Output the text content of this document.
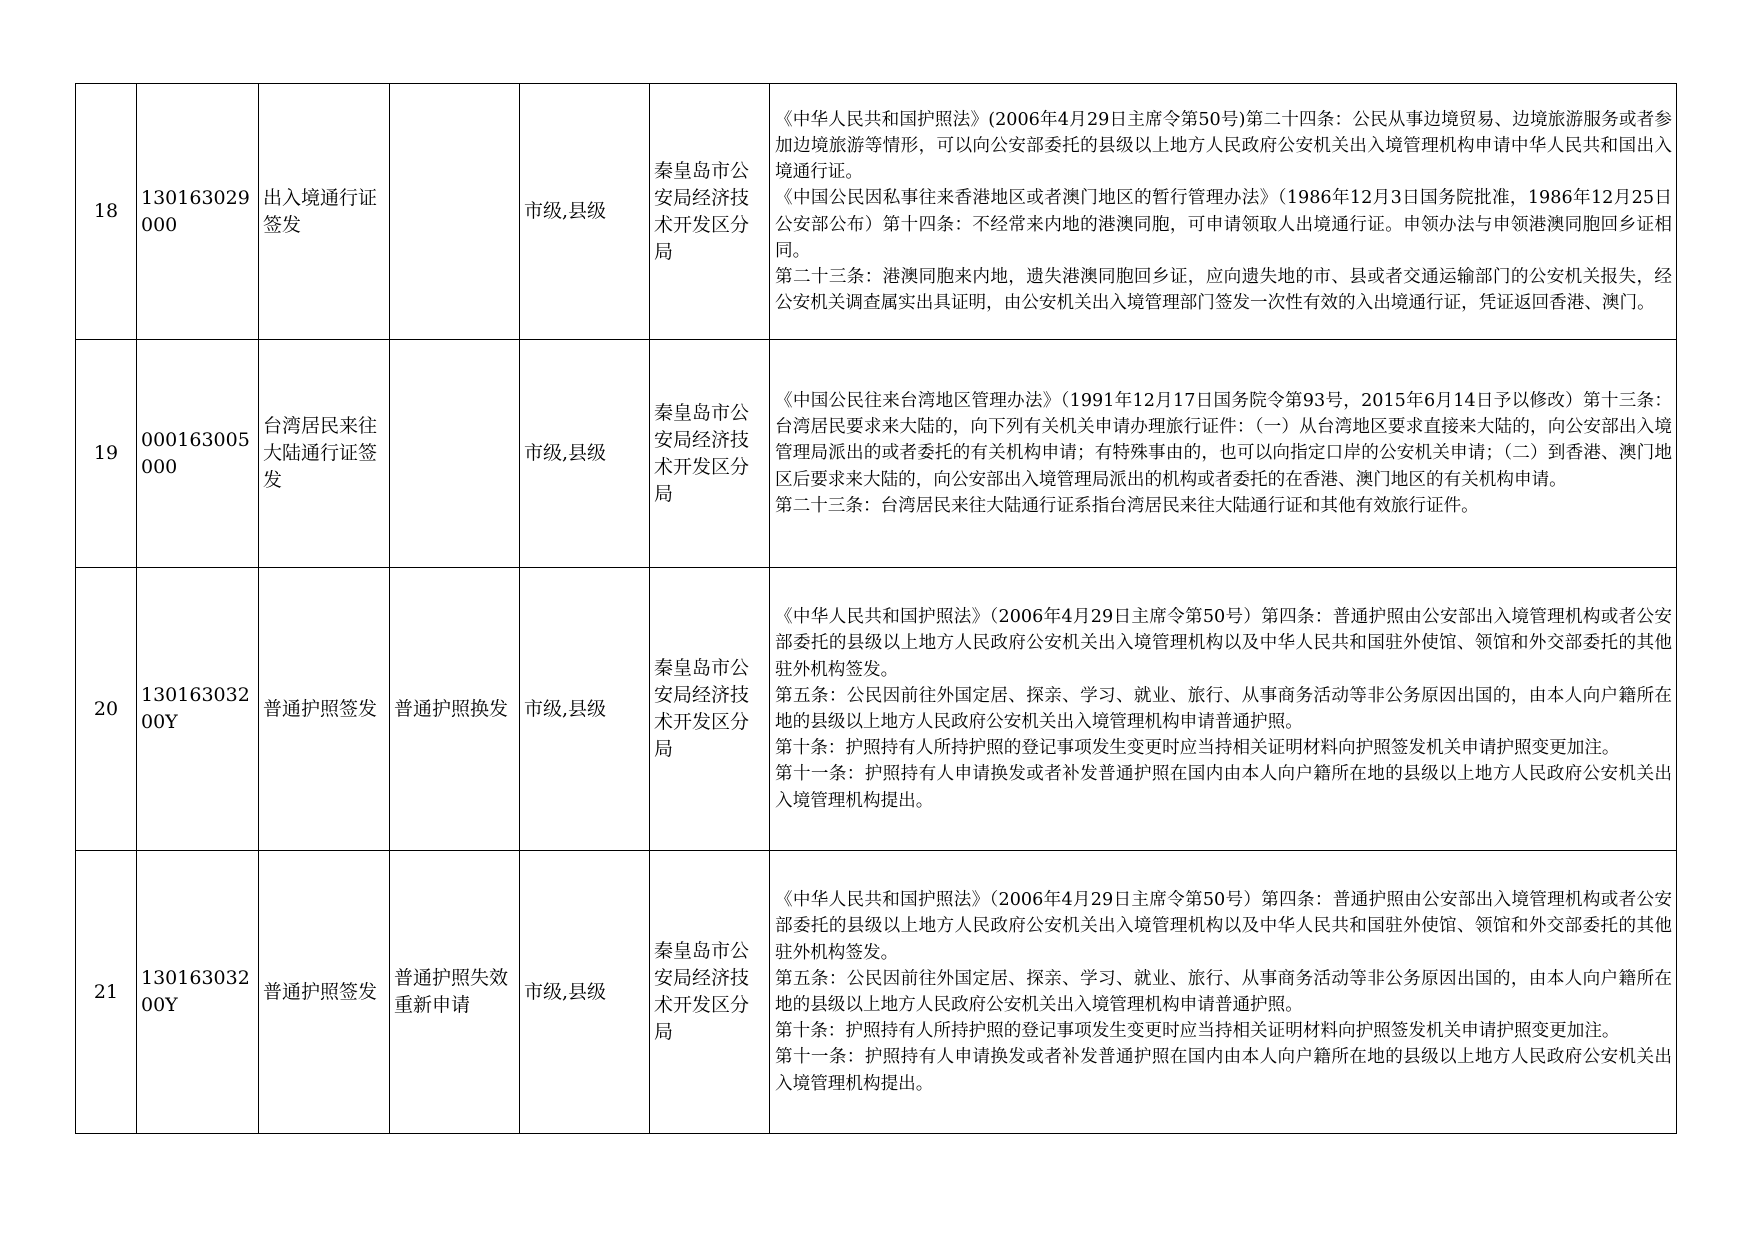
18	130163029000	出入境通行证签发		市级,县级	秦皇岛市公安局经济技术开发区分局	《中华人民共和国护照法》(2006年4月29日主席令第50号)第二十四条：公民从事边境贸易、边境旅游服务或者参加边境旅游等情形，可以向公安部委托的县级以上地方人民政府公安机关出入境管理机构申请中华人民共和国出入境通行证。
《中国公民因私事往来香港地区或者澳门地区的暂行管理办法》（1986年12月3日国务院批准，1986年12月25日公安部公布）第十四条：不经常来内地的港澳同胞，可申请领取人出境通行证。申领办法与申领港澳同胞回乡证相同。
第二十三条：港澳同胞来内地，遗失港澳同胞回乡证，应向遗失地的市、县或者交通运输部门的公安机关报失，经公安机关调查属实出具证明，由公安机关出入境管理部门签发一次性有效的入出境通行证，凭证返回香港、澳门。

19	000163005000	台湾居民来往大陆通行证签发		市级,县级	秦皇岛市公安局经济技术开发区分局	《中国公民往来台湾地区管理办法》（1991年12月17日国务院令第93号，2015年6月14日予以修改）第十三条：台湾居民要求来大陆的，向下列有关机关申请办理旅行证件：（一）从台湾地区要求直接来大陆的，向公安部出入境管理局派出的或者委托的有关机构申请；有特殊事由的，也可以向指定口岸的公安机关申请；（二）到香港、澳门地区后要求来大陆的，向公安部出入境管理局派出的机构或者委托的在香港、澳门地区的有关机构申请。
第二十三条：台湾居民来往大陆通行证系指台湾居民来往大陆通行证和其他有效旅行证件。

20	13016303200Y	普通护照签发	普通护照换发	市级,县级	秦皇岛市公安局经济技术开发区分局	《中华人民共和国护照法》（2006年4月29日主席令第50号）第四条：普通护照由公安部出入境管理机构或者公安部委托的县级以上地方人民政府公安机关出入境管理机构以及中华人民共和国驻外使馆、领馆和外交部委托的其他驻外机构签发。
第五条：公民因前往外国定居、探亲、学习、就业、旅行、从事商务活动等非公务原因出国的，由本人向户籍所在地的县级以上地方人民政府公安机关出入境管理机构申请普通护照。
第十条：护照持有人所持护照的登记事项发生变更时应当持相关证明材料向护照签发机关申请护照变更加注。
第十一条：护照持有人申请换发或者补发普通护照在国内由本人向户籍所在地的县级以上地方人民政府公安机关出入境管理机构提出。

21	13016303200Y	普通护照签发	普通护照失效重新申请	市级,县级	秦皇岛市公安局经济技术开发区分局	《中华人民共和国护照法》（2006年4月29日主席令第50号）第四条：普通护照由公安部出入境管理机构或者公安部委托的县级以上地方人民政府公安机关出入境管理机构以及中华人民共和国驻外使馆、领馆和外交部委托的其他驻外机构签发。
第五条：公民因前往外国定居、探亲、学习、就业、旅行、从事商务活动等非公务原因出国的，由本人向户籍所在地的县级以上地方人民政府公安机关出入境管理机构申请普通护照。
第十条：护照持有人所持护照的登记事项发生变更时应当持相关证明材料向护照签发机关申请护照变更加注。
第十一条：护照持有人申请换发或者补发普通护照在国内由本人向户籍所在地的县级以上地方人民政府公安机关出入境管理机构提出。
